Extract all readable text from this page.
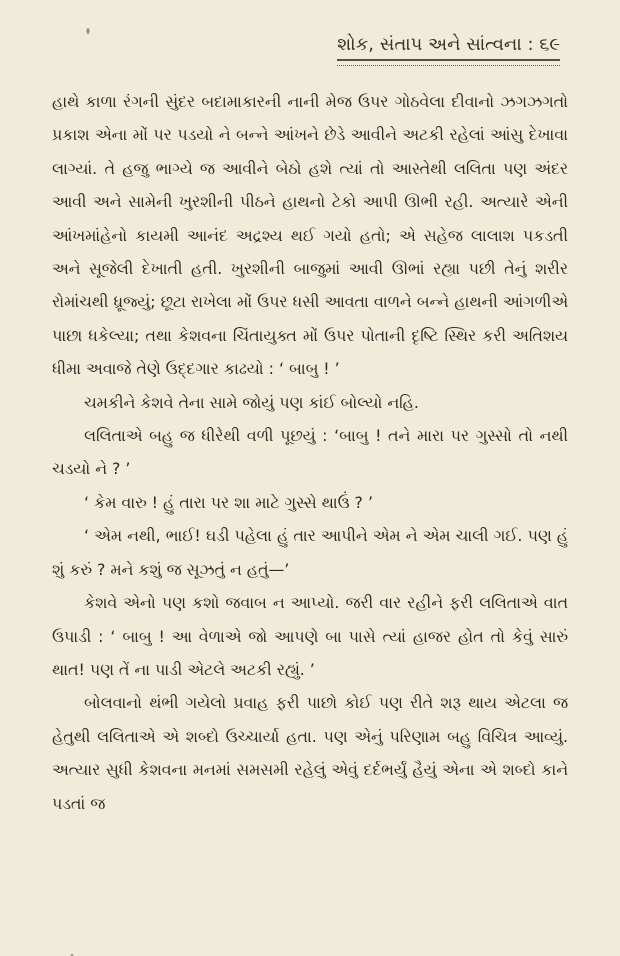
શોક, સંતાપ અને સાંત્વના : ૬૯

હાથે કાળા રંગની સુંદર બદામાકારની નાની મેજ ઉપર ગોઠવેલા દીવાનો ઝગઝગતો પ્રકાશ એના મોં પર પડયો ને બન્ને આંખને છેડે આવીને અટકી રહેલાં આંસુ દેખાવા લાગ્યાં. તે હજુ ભાગ્યે જ આવીને બેઠો હશે ત્યાં તો આસ્તેથી લલિતા પણ અંદર આવી અને સામેની ખુરશીની પીઠને હાથનો ટેકો આપી ઊભી રહી. અત્યારે એની આંખમાંહેનો કાયમી આનંદ અદ્રશ્ય થઈ ગયો હતો; એ સહેજ લાલાશ પકડતી અને સૂજેલી દેખાતી હતી. ખુરશીની બાજુમાં આવી ઊભાં રહ્યા પછી તેનું શરીર રોમાંચથી ધ્રૂજ્યું; છૂટા રાખેલા મોં ઉપર ધસી આવતા વાળને બન્ને હાથની આંગળીએ પાછા ધકેલ્યા; તથા કેશવના ચિંતાયુક્ત મોં ઉપર પોતાની દૃષ્ટિ સ્થિર કરી અતિશય ધીમા અવાજે તેણે ઉદ્દગાર કાઢયો : ‘ બાબુ ! ’

ચમકીને કેશવે તેના સામે જોયું પણ કાંઈ બોલ્યો નહિ.

લલિતાએ બહુ જ ધીરેથી વળી પૂછયું : ‘બાબુ ! તને મારા પર ગુસ્સો તો નથી ચડયો ને ? ’

‘ કેમ વારુ ! હું તારા પર શા માટે ગુસ્સે થાઉં ? ’

‘ એમ નથી, ભાઈ! ઘડી પહેલા હું તાર આપીને એમ ને એમ ચાલી ગઈ. પણ હું શું કરું ? મને કશું જ સૂઝતું ન હતું—’

કેશવે એનો પણ કશો જવાબ ન આપ્યો. જરી વાર રહીને ફરી લલિતાએ વાત ઉપાડી : ‘ બાબુ ! આ વેળાએ જો આપણે બા પાસે ત્યાં હાજર હોત તો કેવું સારું થાત! પણ તેં ના પાડી એટલે અટકી રહ્યું. ’

બોલવાનો થંભી ગયેલો પ્રવાહ ફરી પાછો કોઈ પણ રીતે શરૂ થાય એટલા જ હેતુથી લલિતાએ એ શબ્દો ઉચ્ચાર્યા હતા. પણ એનું પરિણામ બહુ વિચિત્ર આવ્યું. અત્યાર સુધી કેશવના મનમાં સમસમી રહેલું એવું દર્દભર્યું હૈયું એના એ શબ્દો કાને પડતાં જ
